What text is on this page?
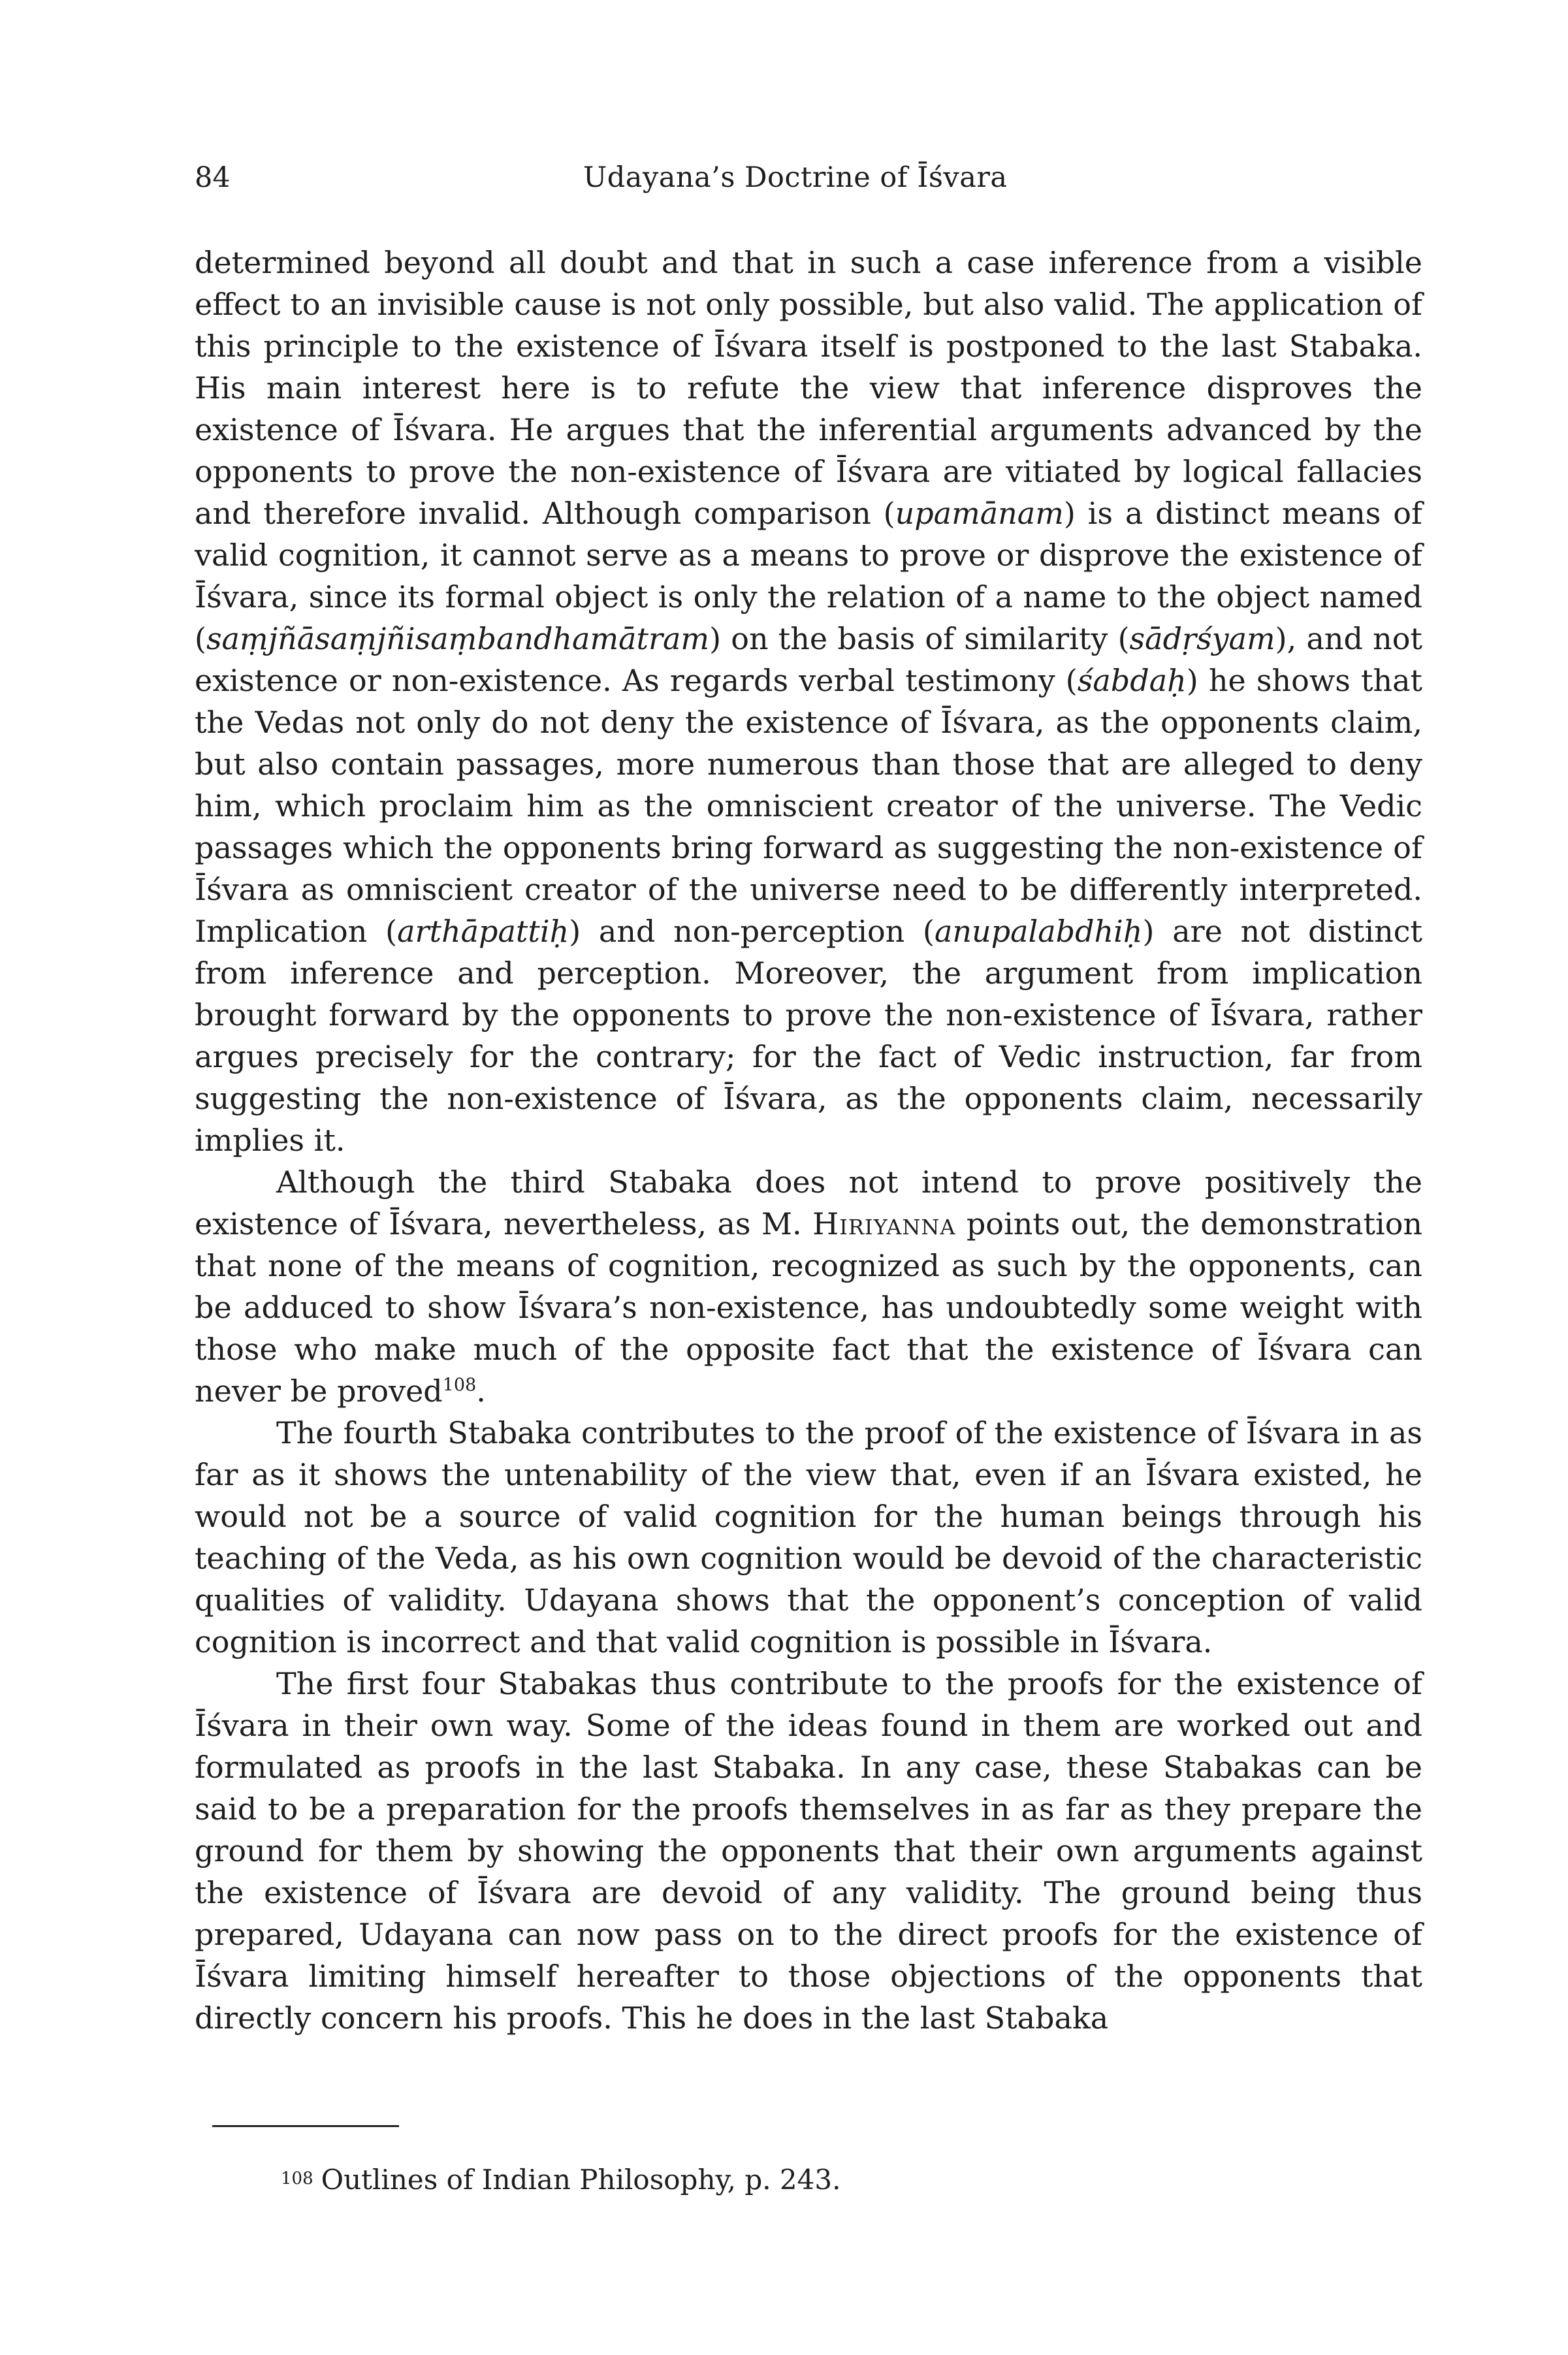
84	Udayana’s Doctrine of Īśvara

determined beyond all doubt and that in such a case inference from a visible effect to an invisible cause is not only possible, but also valid. The application of this principle to the existence of Īśvara itself is postponed to the last Stabaka. His main interest here is to refute the view that inference disproves the existence of Īśvara. He argues that the inferential arguments advanced by the opponents to prove the non-existence of Īśvara are vitiated by logical fallacies and therefore invalid. Although comparison (upamānam) is a distinct means of valid cognition, it cannot serve as a means to prove or disprove the existence of Īśvara, since its formal object is only the relation of a name to the object named (saṃjñāsaṃjñisaṃbandhamātram) on the basis of similarity (sādṛśyam), and not existence or non-existence. As regards verbal testimony (śabdaḥ) he shows that the Vedas not only do not deny the existence of Īśvara, as the opponents claim, but also contain passages, more numerous than those that are alleged to deny him, which proclaim him as the omniscient creator of the universe. The Vedic passages which the opponents bring forward as suggesting the non-existence of Īśvara as omniscient creator of the universe need to be differently interpreted. Implication (arthāpattiḥ) and non-perception (anupalabdhiḥ) are not distinct from inference and perception. Moreover, the argument from implication brought forward by the opponents to prove the non-existence of Īśvara, rather argues precisely for the contrary; for the fact of Vedic instruction, far from suggesting the non-existence of Īśvara, as the opponents claim, necessarily implies it.

Although the third Stabaka does not intend to prove positively the existence of Īśvara, nevertheless, as M. Hiriyanna points out, the demonstration that none of the means of cognition, recognized as such by the opponents, can be adduced to show Īśvara’s non-existence, has undoubtedly some weight with those who make much of the opposite fact that the existence of Īśvara can never be proved$^{108}$.

The fourth Stabaka contributes to the proof of the existence of Īśvara in as far as it shows the untenability of the view that, even if an Īśvara existed, he would not be a source of valid cognition for the human beings through his teaching of the Veda, as his own cognition would be devoid of the characteristic qualities of validity. Udayana shows that the opponent’s conception of valid cognition is incorrect and that valid cognition is possible in Īśvara.

The first four Stabakas thus contribute to the proofs for the existence of Īśvara in their own way. Some of the ideas found in them are worked out and formulated as proofs in the last Stabaka. In any case, these Stabakas can be said to be a preparation for the proofs themselves in as far as they prepare the ground for them by showing the opponents that their own arguments against the existence of Īśvara are devoid of any validity. The ground being thus prepared, Udayana can now pass on to the direct proofs for the existence of Īśvara limiting himself hereafter to those objections of the opponents that directly concern his proofs. This he does in the last Stabaka

108 Outlines of Indian Philosophy, p. 243.
